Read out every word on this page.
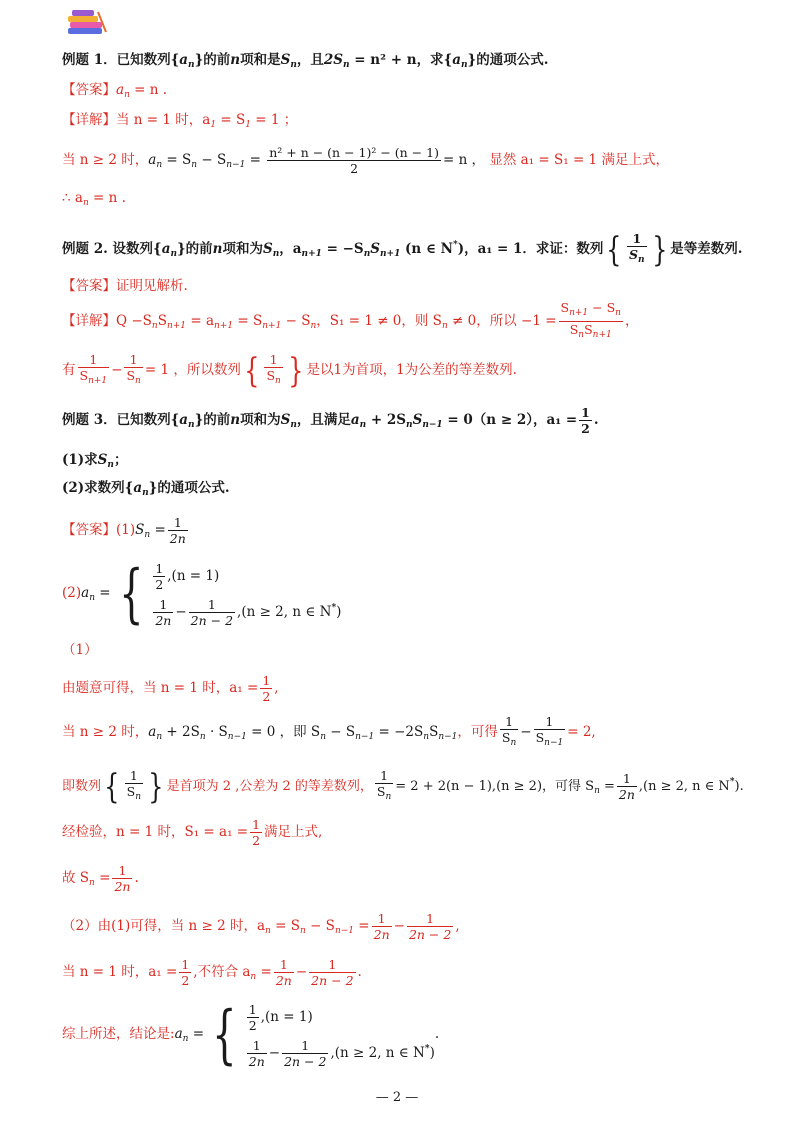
例题 1．已知数列$\{a_n\}$的前n项和是$S_n$，且$2S_n = n^2 + n$，求$\{a_n\}$的通项公式.
【答案】$a_n = n$ .
【详解】当 n = 1 时，$a_1 = S_1 = 1$ ；
当 n ≥ 2 时，$a_n = S_n - S_{n-1} = \frac{\text{n² + n − (n − 1)² − (n − 1)}}{2} = n$ ， 显然 a₁ = S₁ = 1 满足上式，
∴ $a_n = n$ .
例题 2. 设数列$\{a_n\}$的前n项和为$S_n$，$a_{n+1} = -S_nS_{n+1}$ (n ∈ N*)，a₁ = 1．求证：数列{ $\frac{1}{S_n}$ } 是等差数列.
【答案】证明见解析.
【详解】$Q -S_nS_{n+1} = a_{n+1} = S_{n+1} - S_n$，S₁ = 1 ≠ 0，则 $S_n \ne 0$，所以 $-1 = \frac{S_{n+1} - S_n}{S_nS_{n+1}}$ ，
有 $\frac{1}{S_{n+1}} - \frac{1}{S_n} = 1$ ，所以数列{ $\frac{1}{S_n}$ } 是以1为首项，1为公差的等差数列.
例题 3．已知数列$\{a_n\}$的前n项和为$S_n$，且满足$a_n + 2S_nS_{n-1} = 0(n \ge 2)$，$a_1 = \frac{1}{2}$ .
(1)求$S_n$；
(2)求数列$\{a_n\}$的通项公式.
【答案】$(1)S_n = \frac{1}{2n}$
$(2)a_n$ = { $\frac{1}{2} ,(n = 1)$
$\frac{1}{2n} - \frac{1}{2n - 2} ,(n \ge 2$, n ∈ N*)
（1）
由题意可得，当 n = 1 时，$a_1 = \frac{1}{2}$ ,
当 n ≥ 2 时，$a_n + 2S_n \cdot S_{n-1} = 0$ ，即 $S_n - S_{n-1} = -2S_nS_{n-1}$，可得 $\frac{1}{S_n} - \frac{1}{S_{n-1}} = 2$,
即数列{ $\frac{1}{S_n}$ } 是首项为 2 ,公差为 2 的等差数列， $\frac{1}{S_n} = 2 + 2(n - 1),(n \ge 2)$，可得 $S_n = \frac{1}{2n} ,(n \ge 2$, n ∈ N*).
经检验，n = 1 时，$S_1 = a_1 = \frac{1}{2}$ 满足上式,
故 $S_n = \frac{1}{2n}$ .
（2）由(1)可得，当 n ≥ 2 时，$a_n = S_n - S_{n-1} = \frac{1}{2n} - \frac{1}{2n - 2}$ ,
当 n = 1 时，$a_1 = \frac{1}{2}$ ,不符合 $a_n = \frac{1}{2n} - \frac{1}{2n - 2}$ .
综上所述，结论是$:a_n$ = { $\frac{1}{2} ,(n = 1)$
$\frac{1}{2n} - \frac{1}{2n - 2} ,(n \ge 2$, n ∈ N*)
.
— 2 —
